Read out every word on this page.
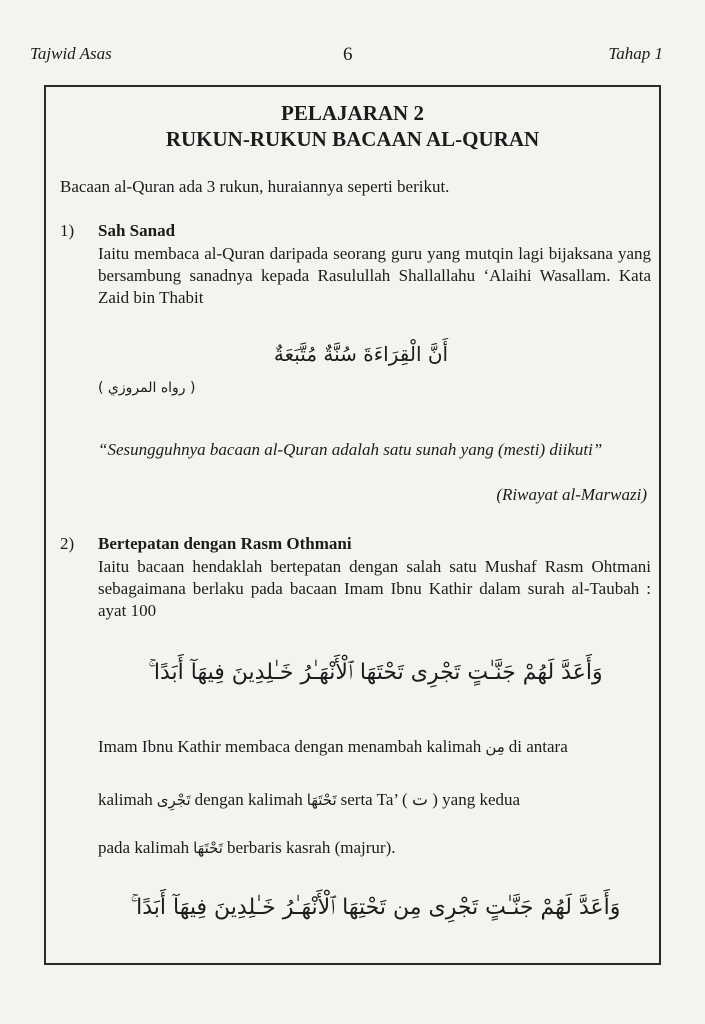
Tajwid Asas	6	Tahap 1
PELAJARAN 2
RUKUN-RUKUN BACAAN AL-QURAN
Bacaan al-Quran ada 3 rukun, huraiannya seperti berikut.
1) Sah Sanad
Iaitu membaca al-Quran daripada seorang guru yang mutqin lagi bijaksana yang bersambung sanadnya kepada Rasulullah Shallallahu ‘Alaihi Wasallam. Kata Zaid bin Thabit
أَنَّ الْقِرَاءَةَ سُنَّةٌ مُتَّبَعَةٌ
( رواه المروزي )
“Sesungguhnya bacaan al-Quran adalah satu sunah yang (mesti) diikuti”
(Riwayat al-Marwazi)
2) Bertepatan dengan Rasm Othmani
Iaitu bacaan hendaklah bertepatan dengan salah satu Mushaf Rasm Ohtmani sebagaimana berlaku pada bacaan Imam Ibnu Kathir dalam surah al-Taubah : ayat 100
وَأَعَدَّ لَهُمْ جَنَّـٰتٍ تَجْرِى تَحْتَهَا ٱلْأَنْهَـٰرُ خَـٰلِدِينَ فِيهَآ أَبَدًا ۚ
Imam Ibnu Kathir membaca dengan menambah kalimah مِن di antara
kalimah تَجْرِى dengan kalimah تَحْتَهَا serta Ta’ ( ت ) yang kedua
pada kalimah تَحْتَهَا berbaris kasrah (majrur).
وَأَعَدَّ لَهُمْ جَنَّـٰتٍ تَجْرِى مِن تَحْتِهَا ٱلْأَنْهَـٰرُ خَـٰلِدِينَ فِيهَآ أَبَدًا ۚ
